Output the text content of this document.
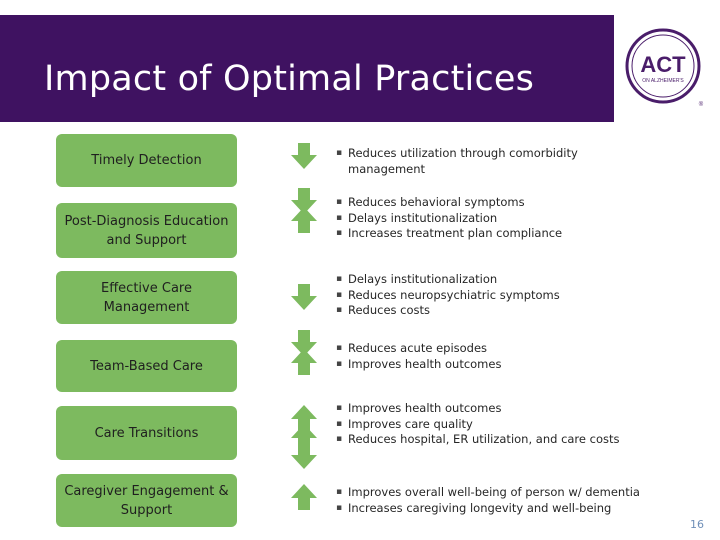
Impact of Optimal Practices	ACT
ON ALZHEIMER'S
®
Timely Detection	▪ Reduces utilization through comorbidity management
Post-Diagnosis Education and Support
▪ Reduces behavioral symptoms
▪ Delays institutionalization
▪ Increases treatment plan compliance
Effective Care Management
▪ Delays institutionalization
▪ Reduces neuropsychiatric symptoms
▪ Reduces costs
Team-Based Care
▪ Reduces acute episodes
▪ Improves health outcomes
Care Transitions
▪ Improves health outcomes
▪ Improves care quality
▪ Reduces hospital, ER utilization, and care costs
Caregiver Engagement & Support
▪ Improves overall well-being of person w/ dementia
▪ Increases caregiving longevity and well-being
16
